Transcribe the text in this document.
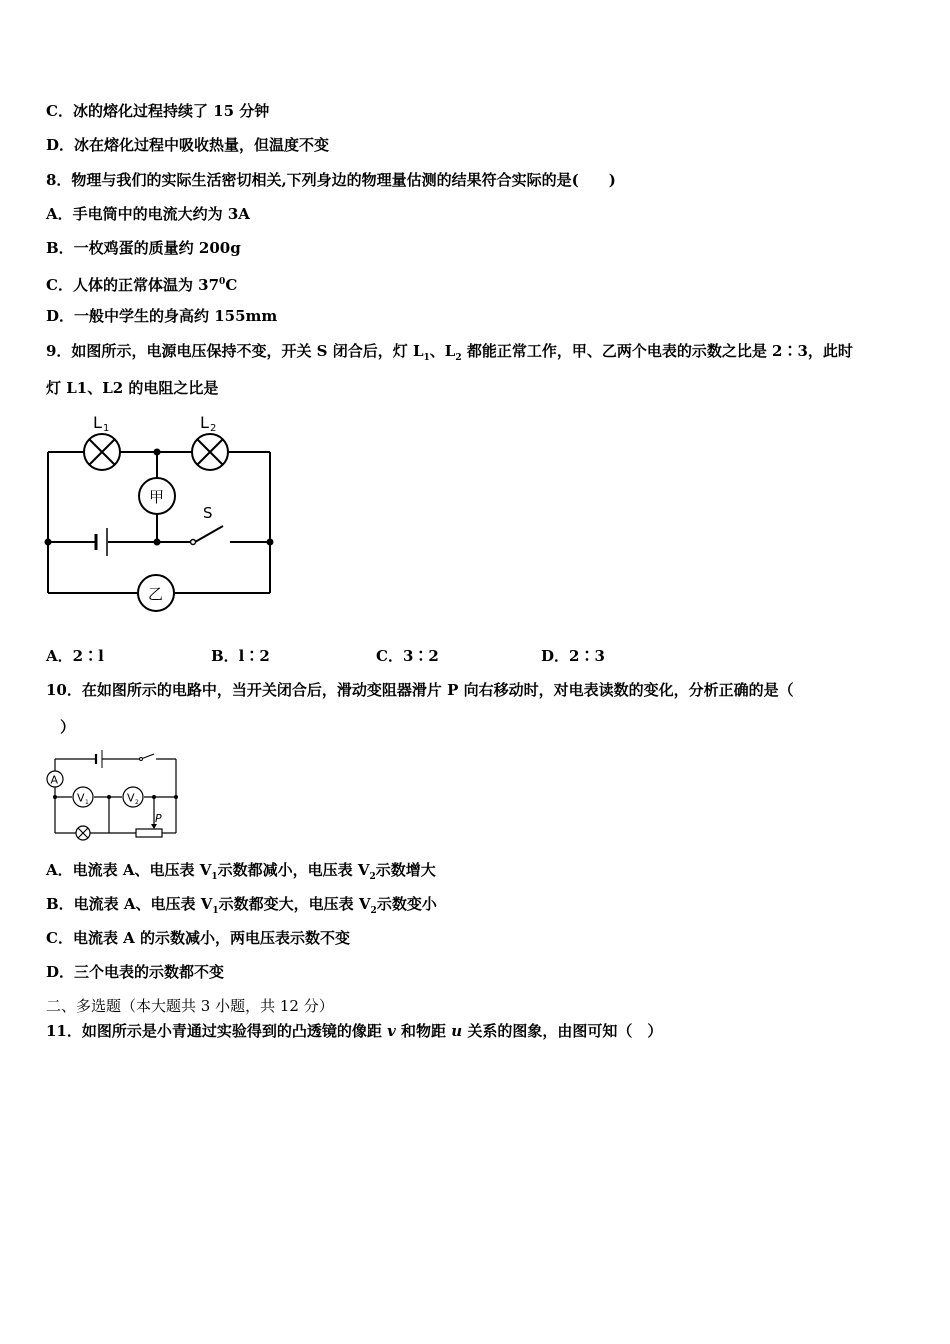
C．冰的熔化过程持续了 15 分钟
D．冰在熔化过程中吸收热量，但温度不变
8．物理与我们的实际生活密切相关,下列身边的物理量估测的结果符合实际的是(　　)
A．手电筒中的电流大约为 3A
B．一枚鸡蛋的质量约 200g
C．人体的正常体温为 $37^0C$
D．一般中学生的身高约 155mm
9．如图所示，电源电压保持不变，开关 S 闭合后，灯 $L_1$、$L_2$ 都能正常工作，甲、乙两个电表的示数之比是 2∶3，此时
灯 L1、L2 的电阻之比是
L 1	L 2
甲
乙
S
A．2∶l	B．l∶2	C．3∶2	D．2∶3
10．在如图所示的电路中，当开关闭合后，滑动变阻器滑片 P 向右移动时，对电表读数的变化，分析正确的是（
）
A
V 1	V 2
P
A．电流表 A、电压表 $V_1$示数都减小，电压表 $V_2$示数增大
B．电流表 A、电压表 $V_1$示数都变大，电压表 $V_2$示数变小
C．电流表 A 的示数减小，两电压表示数不变
D．三个电表的示数都不变
二、多选题（本大题共 3 小题，共 12 分）
11．如图所示是小青通过实验得到的凸透镜的像距 v 和物距 u 关系的图象，由图可知（　）
